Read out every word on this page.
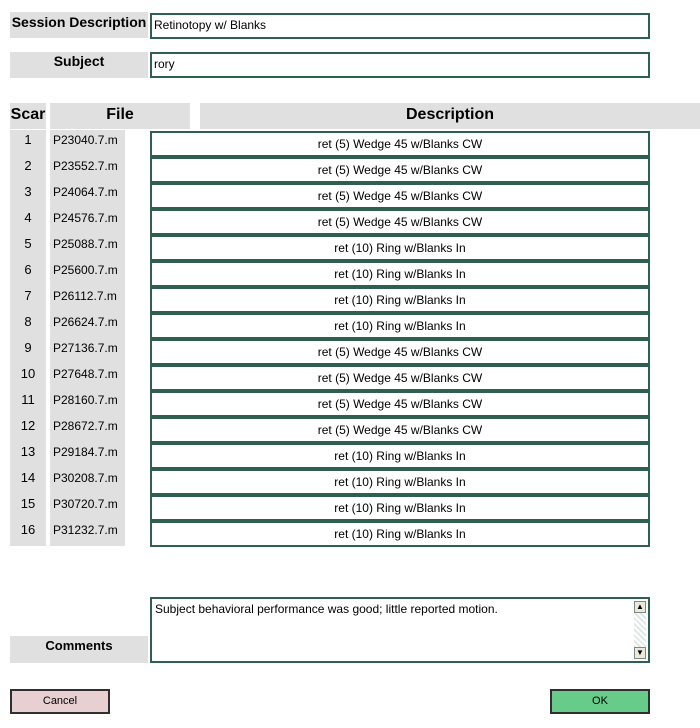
Session Description Retinotopy w/ Blanks
Subject	rory
Scar	File	Description
1	P23040.7.m	ret (5) Wedge 45 w/Blanks CW
2	P23552.7.m	ret (5) Wedge 45 w/Blanks CW
3	P24064.7.m	ret (5) Wedge 45 w/Blanks CW
4	P24576.7.m	ret (5) Wedge 45 w/Blanks CW
5	P25088.7.m	ret (10) Ring w/Blanks In
6	P25600.7.m	ret (10) Ring w/Blanks In
7	P26112.7.m	ret (10) Ring w/Blanks In
8	P26624.7.m	ret (10) Ring w/Blanks In
9	P27136.7.m	ret (5) Wedge 45 w/Blanks CW
10	P27648.7.m	ret (5) Wedge 45 w/Blanks CW
11	P28160.7.m	ret (5) Wedge 45 w/Blanks CW
12	P28672.7.m	ret (5) Wedge 45 w/Blanks CW
13	P29184.7.m	ret (10) Ring w/Blanks In
14	P30208.7.m	ret (10) Ring w/Blanks In
15	P30720.7.m	ret (10) Ring w/Blanks In
16	P31232.7.m	ret (10) Ring w/Blanks In
Comments
Subject behavioral performance was good; little reported motion.	▲
▼
Cancel	OK
